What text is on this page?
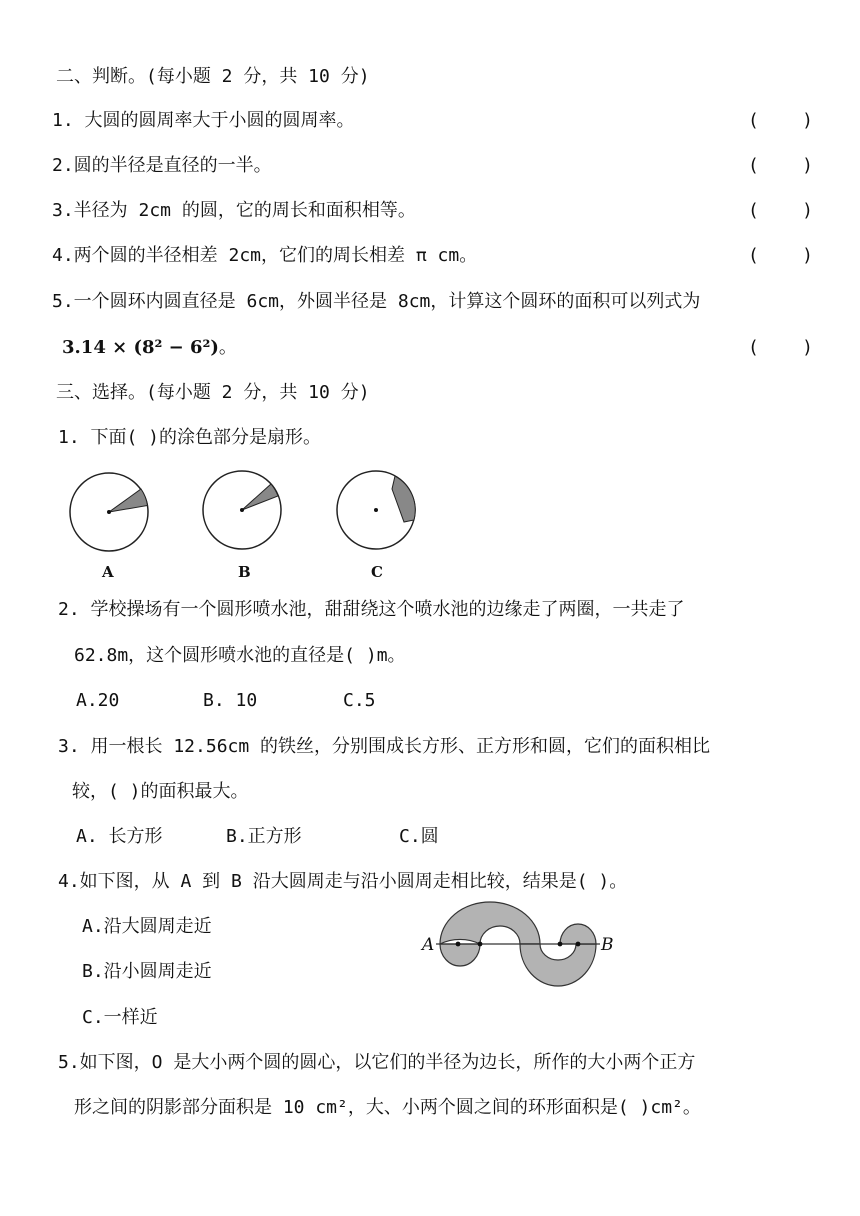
二、判断。(每小题 2 分，共 10 分)
1. 大圆的圆周率大于小圆的圆周率。	(    )
2.圆的半径是直径的一半。	(    )
3.半径为 2cm 的圆，它的周长和面积相等。	(    )
4.两个圆的半径相差 2cm，它们的周长相差 π cm。	(    )
5.一个圆环内圆直径是 6cm，外圆半径是 8cm，计算这个圆环的面积可以列式为
3.14 × (8² − 6²)。	(    )
三、选择。(每小题 2 分，共 10 分)
1. 下面( )的涂色部分是扇形。
A	B	C
2. 学校操场有一个圆形喷水池，甜甜绕这个喷水池的边缘走了两圈，一共走了
62.8m，这个圆形喷水池的直径是( )m。
A.20	B. 10	C.5
3. 用一根长 12.56cm 的铁丝，分别围成长方形、正方形和圆，它们的面积相比
较，( )的面积最大。
A. 长方形	B.正方形	C.圆
4.如下图，从 A 到 B 沿大圆周走与沿小圆周走相比较，结果是( )。
A.沿大圆周走近
B.沿小圆周走近
C.一样近
A	B
5.如下图，O 是大小两个圆的圆心，以它们的半径为边长，所作的大小两个正方
形之间的阴影部分面积是 10 cm²，大、小两个圆之间的环形面积是( )cm²。
